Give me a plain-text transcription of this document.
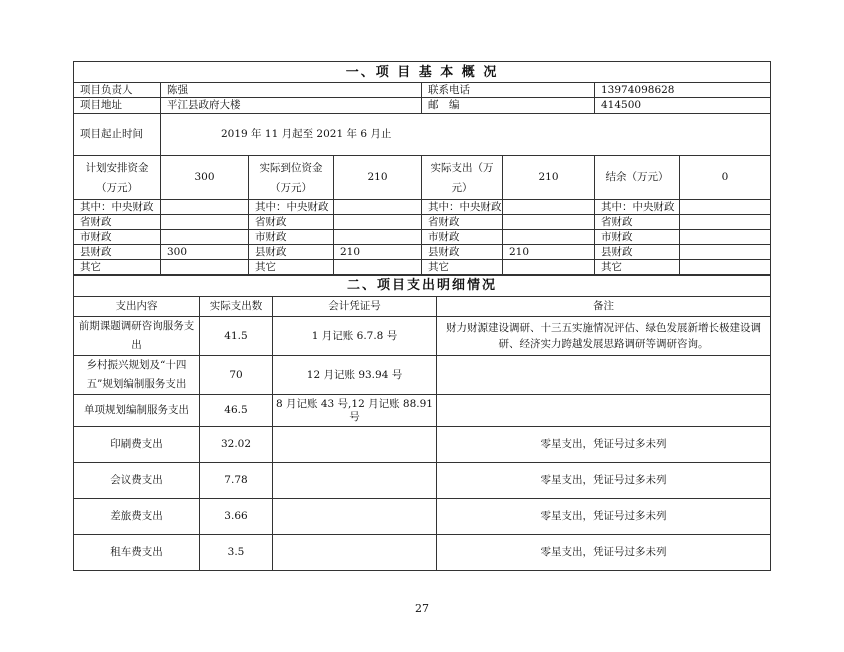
一、项 目 基 本 概 况							
项目负责人	陈强			联系电话		13974098628	
项目地址	平江县政府大楼			邮　编		414500	
项目起止时间	2019 年 11 月起至 2021 年 6 月止						
计划安排资金（万元）	300	实际到位资金（万元）	210	实际支出（万元）	210	结余（万元）	0
其中：中央财政		其中：中央财政		其中：中央财政		其中：中央财政	
省财政		省财政		省财政		省财政	
市财政		市财政		市财政		市财政	
县财政	300	县财政	210	县财政	210	县财政	
其它		其它		其它		其它	
二、项目支出明细情况			
支出内容	实际支出数	会计凭证号	备注
前期课题调研咨询服务支出	41.5	1 月记账 6.7.8 号	财力财源建设调研、十三五实施情况评估、绿色发展新增长极建设调研、经济实力跨越发展思路调研等调研咨询。
乡村振兴规划及“十四五”规划编制服务支出	70	12 月记账 93.94 号	
单项规划编制服务支出	46.5	8 月记账 43 号,12 月记账 88.91 号	
印刷费支出	32.02		零星支出，凭证号过多未列
会议费支出	7.78		零星支出，凭证号过多未列
差旅费支出	3.66		零星支出，凭证号过多未列
租车费支出	3.5		零星支出，凭证号过多未列
27
